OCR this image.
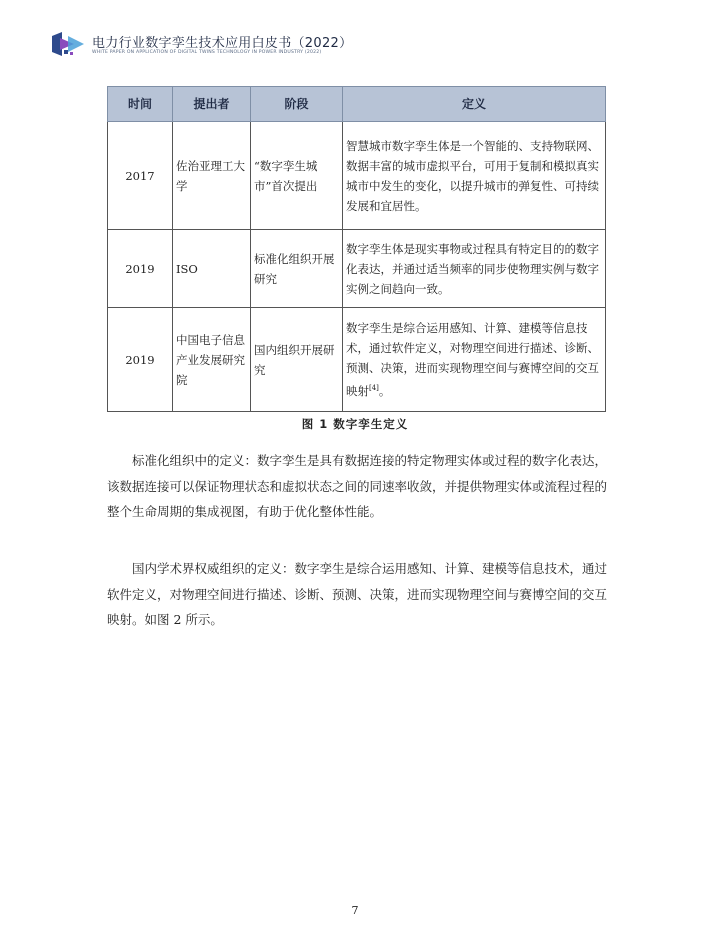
电力行业数字孪生技术应用白皮书（2022）
WHITE PAPER ON APPLICATION OF DIGITAL TWINS TECHNOLOGY IN POWER INDUSTRY (2022)
时间	提出者	阶段	定义
2017	佐治亚理工大学	“数字孪生城市”首次提出	智慧城市数字孪生体是一个智能的、支持物联网、数据丰富的城市虚拟平台，可用于复制和模拟真实城市中发生的变化，以提升城市的弹复性、可持续发展和宜居性。
2019	ISO	标准化组织开展研究	数字孪生体是现实事物或过程具有特定目的的数字化表达，并通过适当频率的同步使物理实例与数字实例之间趋向一致。
2019	中国电子信息产业发展研究院	国内组织开展研究	数字孪生是综合运用感知、计算、建模等信息技术，通过软件定义，对物理空间进行描述、诊断、预测、决策，进而实现物理空间与赛博空间的交互映射[4]。
图 1 数字孪生定义
标准化组织中的定义：数字孪生是具有数据连接的特定物理实体或过程的数字化表达，该数据连接可以保证物理状态和虚拟状态之间的同速率收敛，并提供物理实体或流程过程的整个生命周期的集成视图，有助于优化整体性能。
国内学术界权威组织的定义：数字孪生是综合运用感知、计算、建模等信息技术，通过软件定义，对物理空间进行描述、诊断、预测、决策，进而实现物理空间与赛博空间的交互映射。如图 2 所示。
7
